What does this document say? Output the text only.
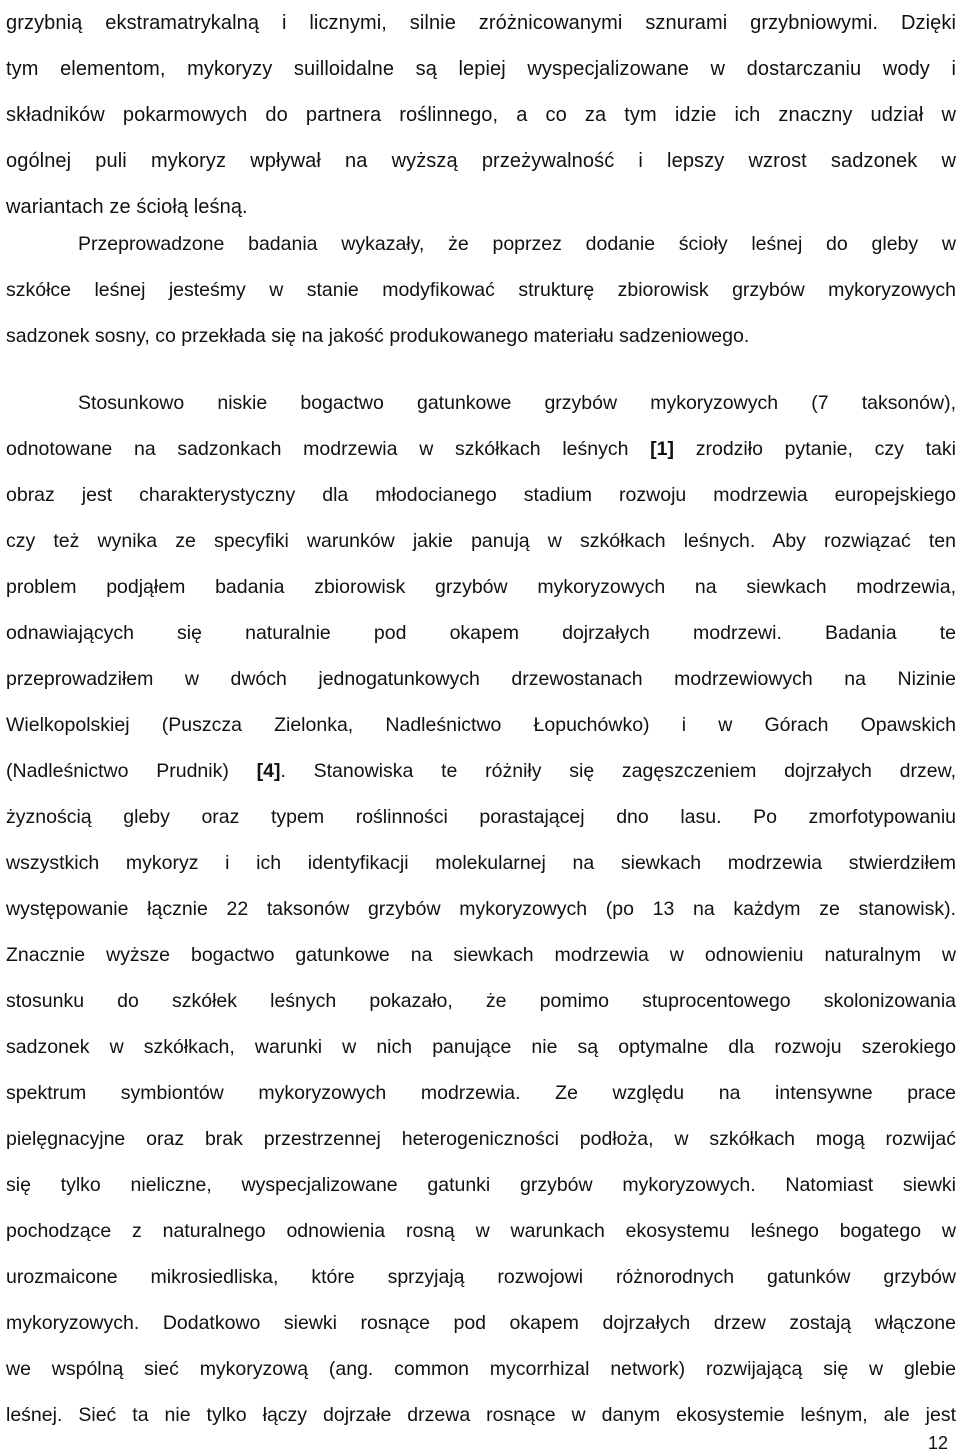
grzybnią ekstramatrykalną i licznymi, silnie zróżnicowanymi sznurami grzybniowymi. Dzięki
tym elementom, mykoryzy suilloidalne są lepiej wyspecjalizowane w dostarczaniu wody i
składników pokarmowych do partnera roślinnego, a co za tym idzie ich znaczny udział w
ogólnej puli mykoryz wpływał na wyższą przeżywalność i lepszy wzrost sadzonek w
wariantach ze ściołą leśną.
Przeprowadzone badania wykazały, że poprzez dodanie ścioły leśnej do gleby w
szkółce leśnej jesteśmy w stanie modyfikować strukturę zbiorowisk grzybów mykoryzowych
sadzonek sosny, co przekłada się na jakość produkowanego materiału sadzeniowego.
Stosunkowo niskie bogactwo gatunkowe grzybów mykoryzowych (7 taksonów),
odnotowane na sadzonkach modrzewia w szkółkach leśnych [1] zrodziło pytanie, czy taki
obraz jest charakterystyczny dla młodocianego stadium rozwoju modrzewia europejskiego
czy też wynika ze specyfiki warunków jakie panują w szkółkach leśnych. Aby rozwiązać ten
problem podjąłem badania zbiorowisk grzybów mykoryzowych na siewkach modrzewia,
odnawiających się naturalnie pod okapem dojrzałych modrzewi. Badania te
przeprowadziłem w dwóch jednogatunkowych drzewostanach modrzewiowych na Nizinie
Wielkopolskiej (Puszcza Zielonka, Nadleśnictwo Łopuchówko) i w Górach Opawskich
(Nadleśnictwo Prudnik) [4]. Stanowiska te różniły się zagęszczeniem dojrzałych drzew,
żyznością gleby oraz typem roślinności porastającej dno lasu. Po zmorfotypowaniu
wszystkich mykoryz i ich identyfikacji molekularnej na siewkach modrzewia stwierdziłem
występowanie łącznie 22 taksonów grzybów mykoryzowych (po 13 na każdym ze stanowisk).
Znacznie wyższe bogactwo gatunkowe na siewkach modrzewia w odnowieniu naturalnym w
stosunku do szkółek leśnych pokazało, że pomimo stuprocentowego skolonizowania
sadzonek w szkółkach, warunki w nich panujące nie są optymalne dla rozwoju szerokiego
spektrum symbiontów mykoryzowych modrzewia. Ze względu na intensywne prace
pielęgnacyjne oraz brak przestrzennej heterogeniczności podłoża, w szkółkach mogą rozwijać
się tylko nieliczne, wyspecjalizowane gatunki grzybów mykoryzowych. Natomiast siewki
pochodzące z naturalnego odnowienia rosną w warunkach ekosystemu leśnego bogatego w
urozmaicone mikrosiedliska, które sprzyjają rozwojowi różnorodnych gatunków grzybów
mykoryzowych. Dodatkowo siewki rosnące pod okapem dojrzałych drzew zostają włączone
we wspólną sieć mykoryzową (ang. common mycorrhizal network) rozwijającą się w glebie
leśnej. Sieć ta nie tylko łączy dojrzałe drzewa rosnące w danym ekosystemie leśnym, ale jest
12
